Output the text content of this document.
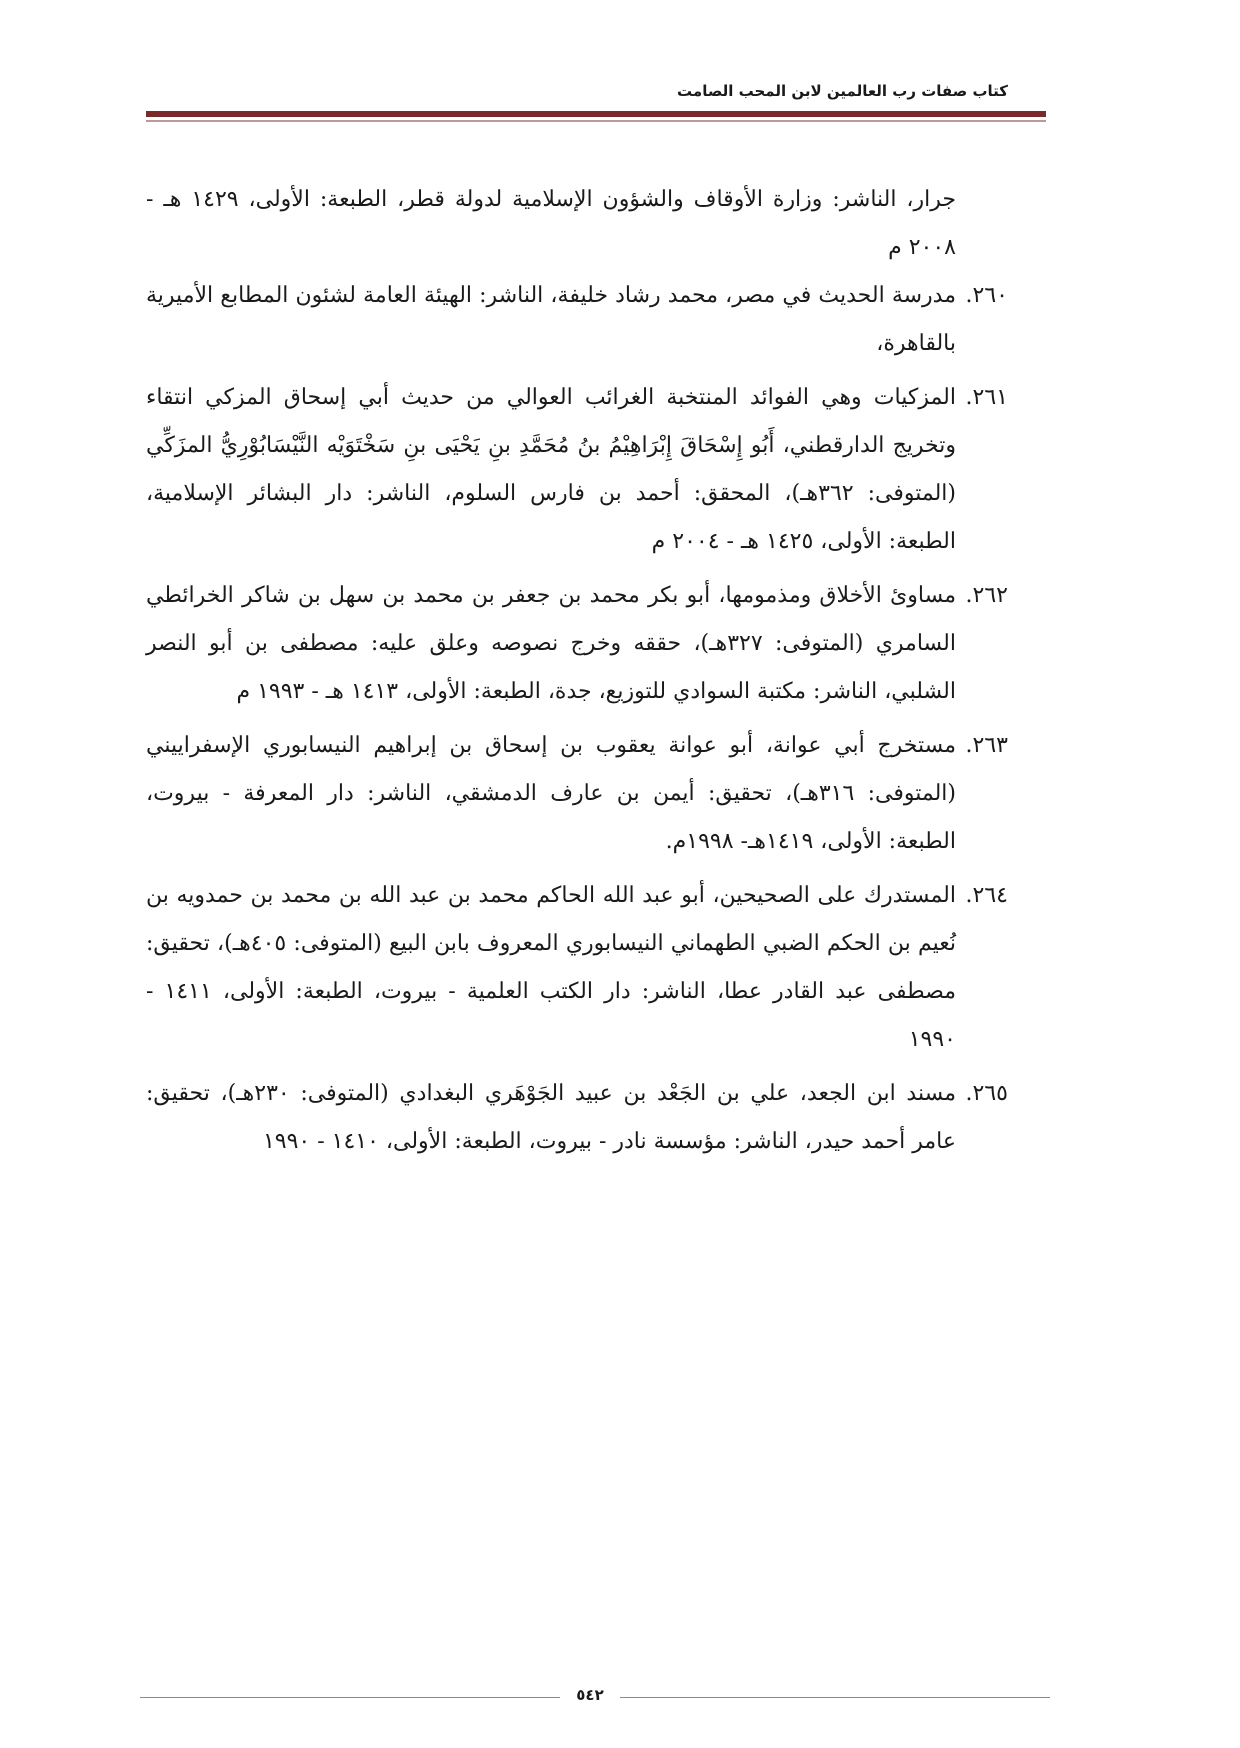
كتاب صفات رب العالمين لابن المحب الصامت

جرار، الناشر: وزارة الأوقاف والشؤون الإسلامية لدولة قطر، الطبعة: الأولى، ١٤٢٩ هـ - ٢٠٠٨ م

٢٦٠.
مدرسة الحديث في مصر، محمد رشاد خليفة، الناشر: الهيئة العامة لشئون المطابع الأميرية بالقاهرة،
٢٦١.
المزكيات وهي الفوائد المنتخبة الغرائب العوالي من حديث أبي إسحاق المزكي انتقاء وتخريج الدارقطني، أَبُو إِسْحَاقَ إِبْرَاهِيْمُ بنُ مُحَمَّدِ بنِ يَحْيَى بنِ سَخْتَوَيْه النَّيْسَابُوْرِيُّ المزَكِّي (المتوفى: ٣٦٢هـ)، المحقق: أحمد بن فارس السلوم، الناشر: دار البشائر الإسلامية، الطبعة: الأولى، ١٤٢٥ هـ - ٢٠٠٤ م
٢٦٢.
مساوئ الأخلاق ومذمومها، أبو بكر محمد بن جعفر بن محمد بن سهل بن شاكر الخرائطي السامري (المتوفى: ٣٢٧هـ)، حققه وخرج نصوصه وعلق عليه: مصطفى بن أبو النصر الشلبي، الناشر: مكتبة السوادي للتوزيع، جدة، الطبعة: الأولى، ١٤١٣ هـ - ١٩٩٣ م
٢٦٣.
مستخرج أبي عوانة، أبو عوانة يعقوب بن إسحاق بن إبراهيم النيسابوري الإسفراييني (المتوفى: ٣١٦هـ)، تحقيق: أيمن بن عارف الدمشقي، الناشر: دار المعرفة - بيروت، الطبعة: الأولى، ١٤١٩هـ- ١٩٩٨م.
٢٦٤.
المستدرك على الصحيحين، أبو عبد الله الحاكم محمد بن عبد الله بن محمد بن حمدويه بن نُعيم بن الحكم الضبي الطهماني النيسابوري المعروف بابن البيع (المتوفى: ٤٠٥هـ)، تحقيق: مصطفى عبد القادر عطا، الناشر: دار الكتب العلمية - بيروت، الطبعة: الأولى، ١٤١١ - ١٩٩٠
٢٦٥.
مسند ابن الجعد، علي بن الجَعْد بن عبيد الجَوْهَري البغدادي (المتوفى: ٢٣٠هـ)، تحقيق: عامر أحمد حيدر، الناشر: مؤسسة نادر - بيروت، الطبعة: الأولى، ١٤١٠ - ١٩٩٠
٥٤٢
